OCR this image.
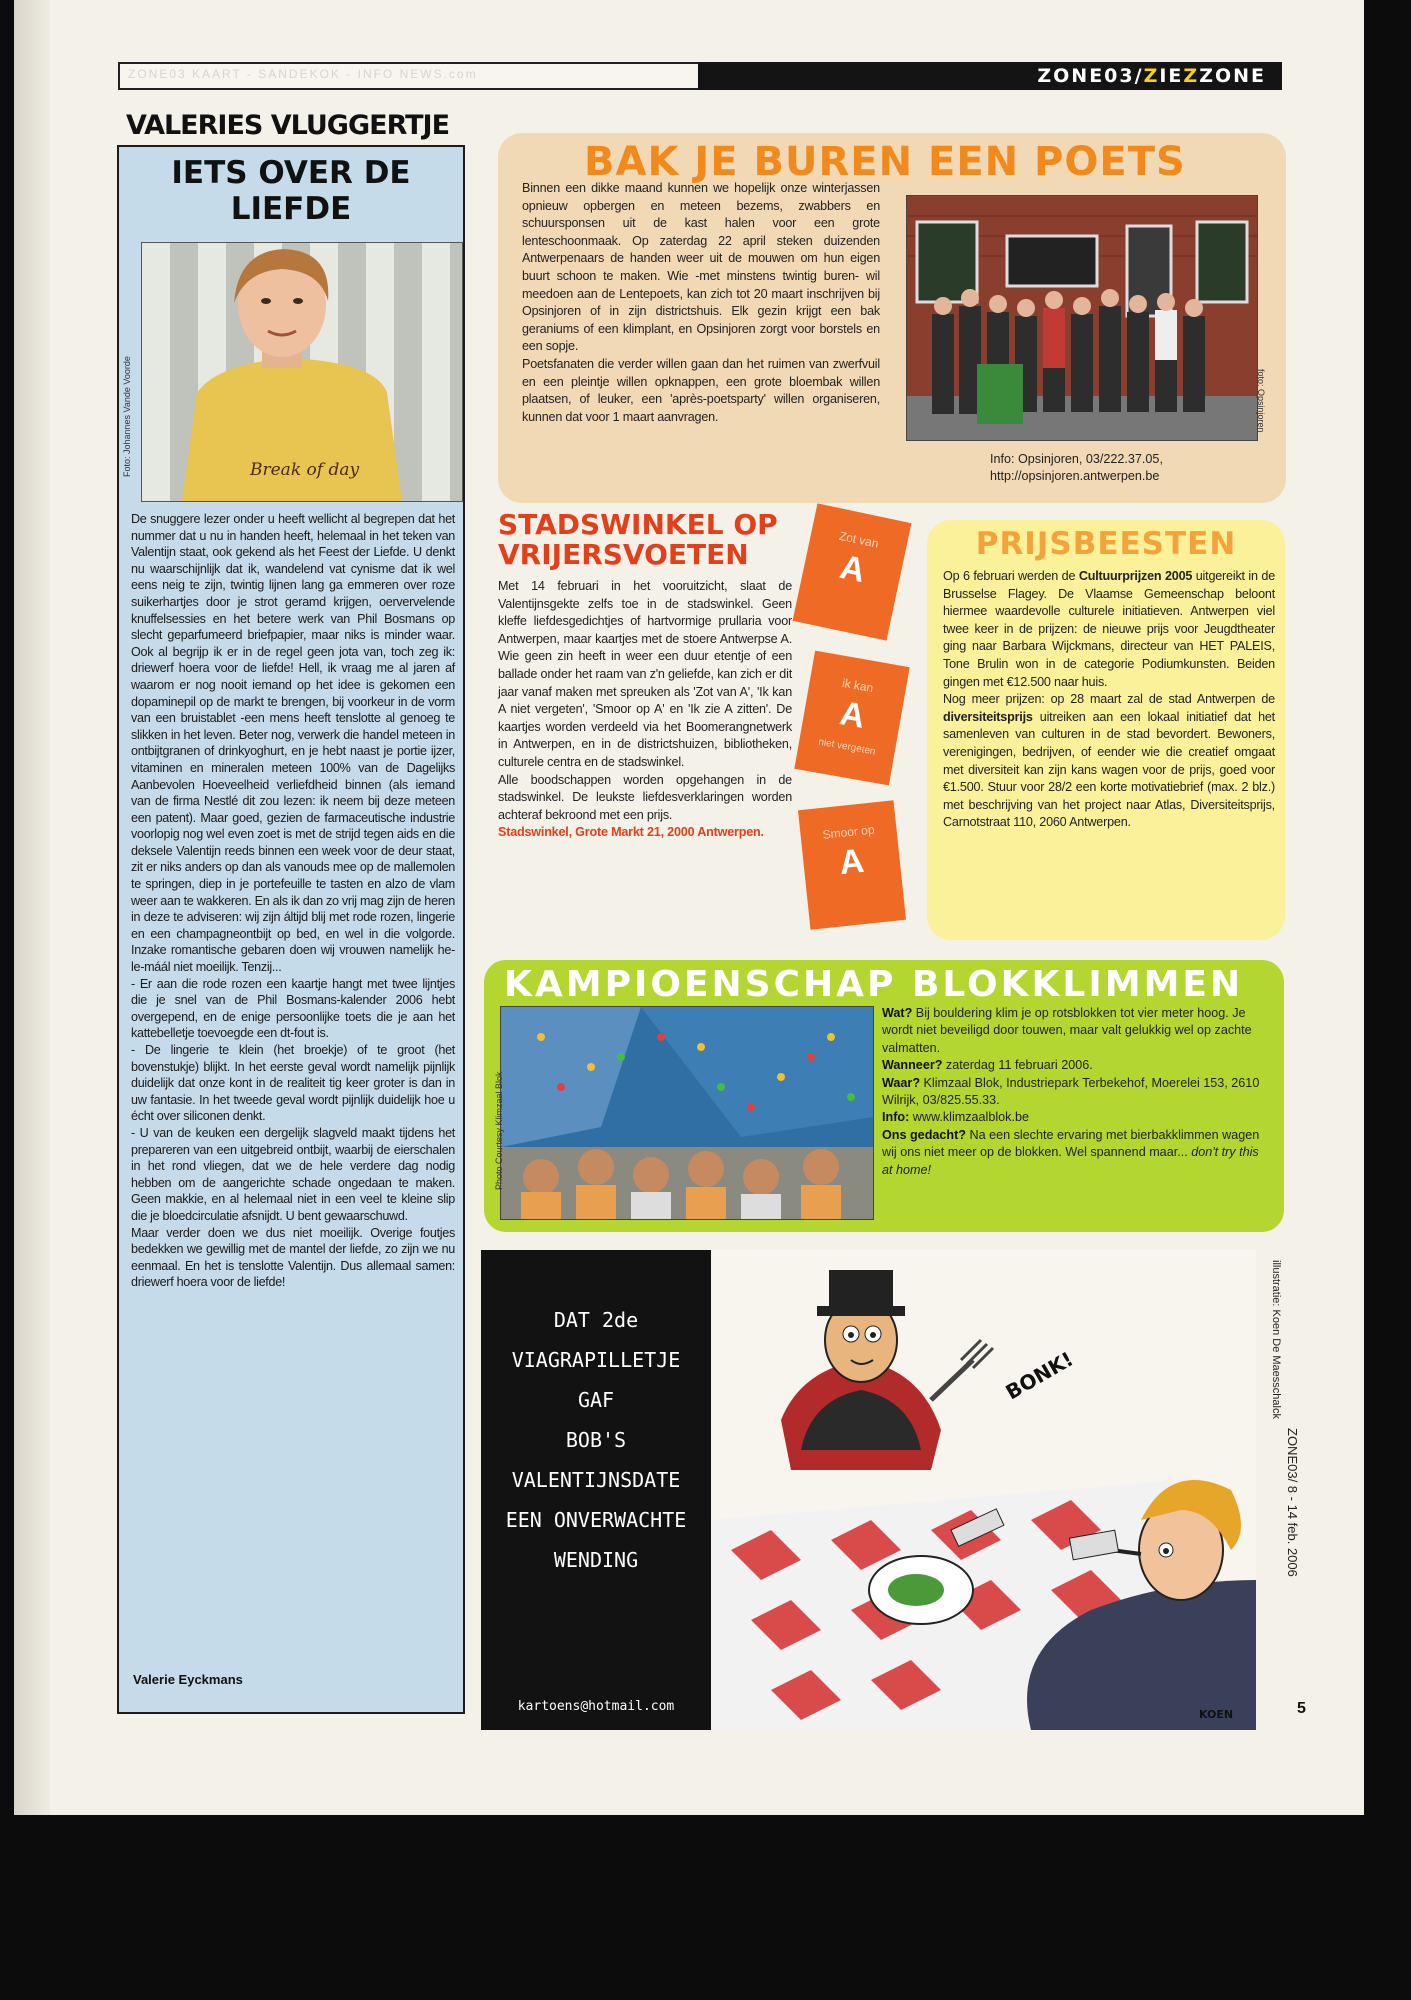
ZONE03 KAART - SANDEKOK - INFO NEWS.com	ZONE03/ZIEZZONE
VALERIES VLUGGERTJE
IETS OVER DE
LIEFDE
Foto: Johannes Vande Voorde	Break of day

De snuggere lezer onder u heeft wellicht al begrepen dat het nummer dat u nu in handen heeft, helemaal in het teken van Valentijn staat, ook gekend als het Feest der Liefde. U denkt nu waarschijnlijk dat ik, wandelend vat cynisme dat ik wel eens neig te zijn, twintig lijnen lang ga emmeren over roze suikerhartjes door je strot geramd krijgen, oervervelende knuffelsessies en het betere werk van Phil Bosmans op slecht geparfumeerd briefpapier, maar niks is minder waar. Ook al begrijp ik er in de regel geen jota van, toch zeg ik: driewerf hoera voor de liefde! Hell, ik vraag me al jaren af waarom er nog nooit iemand op het idee is gekomen een dopaminepil op de markt te brengen, bij voorkeur in de vorm van een bruistablet -een mens heeft tenslotte al genoeg te slikken in het leven. Beter nog, verwerk die handel meteen in ontbijtgranen of drinkyoghurt, en je hebt naast je portie ijzer, vitaminen en mineralen meteen 100% van de Dagelijks Aanbevolen Hoeveelheid verliefdheid binnen (als iemand van de firma Nestlé dit zou lezen: ik neem bij deze meteen een patent). Maar goed, gezien de farmaceutische industrie voorlopig nog wel even zoet is met de strijd tegen aids en die deksele Valentijn reeds binnen een week voor de deur staat, zit er niks anders op dan als vanouds mee op de mallemolen te springen, diep in je portefeuille te tasten en alzo de vlam weer aan te wakkeren. En als ik dan zo vrij mag zijn de heren in deze te adviseren: wij zijn áltijd blij met rode rozen, lingerie en een champagneontbijt op bed, en wel in die volgorde. Inzake romantische gebaren doen wij vrouwen namelijk he-le-máál niet moeilijk. Tenzij...

- Er aan die rode rozen een kaartje hangt met twee lijntjes die je snel van de Phil Bosmans-kalender 2006 hebt overgepend, en de enige persoonlijke toets die je aan het kattebelletje toevoegde een dt-fout is.

- De lingerie te klein (het broekje) of te groot (het bovenstukje) blijkt. In het eerste geval wordt namelijk pijnlijk duidelijk dat onze kont in de realiteit tig keer groter is dan in uw fantasie. In het tweede geval wordt pijnlijk duidelijk hoe u écht over siliconen denkt.

- U van de keuken een dergelijk slagveld maakt tijdens het prepareren van een uitgebreid ontbijt, waarbij de eierschalen in het rond vliegen, dat we de hele verdere dag nodig hebben om de aangerichte schade ongedaan te maken. Geen makkie, en al helemaal niet in een veel te kleine slip die je bloedcirculatie afsnijdt. U bent gewaarschuwd.

Maar verder doen we dus niet moeilijk. Overige foutjes bedekken we gewillig met de mantel der liefde, zo zijn we nu eenmaal. En het is tenslotte Valentijn. Dus allemaal samen: driewerf hoera voor de liefde!

Valerie Eyckmans
BAK JE BUREN EEN POETS

Binnen een dikke maand kunnen we hopelijk onze winterjassen opnieuw opbergen en meteen bezems, zwabbers en schuursponsen uit de kast halen voor een grote lenteschoonmaak. Op zaterdag 22 april steken duizenden Antwerpenaars de handen weer uit de mouwen om hun eigen buurt schoon te maken. Wie -met minstens twintig buren- wil meedoen aan de Lentepoets, kan zich tot 20 maart inschrijven bij Opsinjoren of in zijn districtshuis. Elk gezin krijgt een bak geraniums of een klimplant, en Opsinjoren zorgt voor borstels en een sopje.

Poetsfanaten die verder willen gaan dan het ruimen van zwerfvuil en een pleintje willen opknappen, een grote bloembak willen plaatsen, of leuker, een 'après-poetsparty' willen organiseren, kunnen dat voor 1 maart aanvragen.	foto: Opsinjoren
Info: Opsinjoren, 03/222.37.05,
http://opsinjoren.antwerpen.be
STADSWINKEL OP
VRIJERSVOETEN

Met 14 februari in het vooruitzicht, slaat de Valentijnsgekte zelfs toe in de stadswinkel. Geen kleffe liefdesgedichtjes of hartvormige prullaria voor Antwerpen, maar kaartjes met de stoere Antwerpse A. Wie geen zin heeft in weer een duur etentje of een ballade onder het raam van z'n geliefde, kan zich er dit jaar vanaf maken met spreuken als 'Zot van A', 'Ik kan A niet vergeten', 'Smoor op A' en 'Ik zie A zitten'. De kaartjes worden verdeeld via het Boomerangnetwerk in Antwerpen, en in de districtshuizen, bibliotheken, culturele centra en de stadswinkel.

Alle boodschappen worden opgehangen in de stadswinkel. De leukste liefdesverklaringen worden achteraf bekroond met een prijs.

Stadswinkel, Grote Markt 21, 2000 Antwerpen.
Zot van
A
ik kan
A
niet vergeten
Smoor op
A
PRIJSBEESTEN

Op 6 februari werden de Cultuurprijzen 2005 uitgereikt in de Brusselse Flagey. De Vlaamse Gemeenschap beloont hiermee waardevolle culturele initiatieven. Antwerpen viel twee keer in de prijzen: de nieuwe prijs voor Jeugdtheater ging naar Barbara Wijckmans, directeur van HET PALEIS, Tone Brulin won in de categorie Podiumkunsten. Beiden gingen met €12.500 naar huis.

Nog meer prijzen: op 28 maart zal de stad Antwerpen de diversiteitsprijs uitreiken aan een lokaal initiatief dat het samenleven van culturen in de stad bevordert. Bewoners, verenigingen, bedrijven, of eender wie die creatief omgaat met diversiteit kan zijn kans wagen voor de prijs, goed voor €1.500. Stuur voor 28/2 een korte motivatiebrief (max. 2 blz.) met beschrijving van het project naar Atlas, Diversiteitsprijs, Carnotstraat 110, 2060 Antwerpen.

KAMPIOENSCHAP BLOKKLIMMEN
Photo Courtesy Klimzaal Blok

Wat? Bij bouldering klim je op rotsblokken tot vier meter hoog. Je wordt niet beveiligd door touwen, maar valt gelukkig wel op zachte valmatten.

Wanneer? zaterdag 11 februari 2006.

Waar? Klimzaal Blok, Industriepark Terbekehof, Moerelei 153, 2610 Wilrijk, 03/825.55.33.

Info: www.klimzaalblok.be

Ons gedacht? Na een slechte ervaring met bierbakklimmen wagen wij ons niet meer op de blokken. Wel spannend maar... don't try this at home!

DAT 2de VIAGRAPILLETJE
GAF
BOB'S VALENTIJNSDATE
EEN ONVERWACHTE
WENDING
kartoens@hotmail.com
BONK!
KOEN
illustratie: Koen De Maesschalck
ZONE03/ 8 - 14 feb. 2006
5
